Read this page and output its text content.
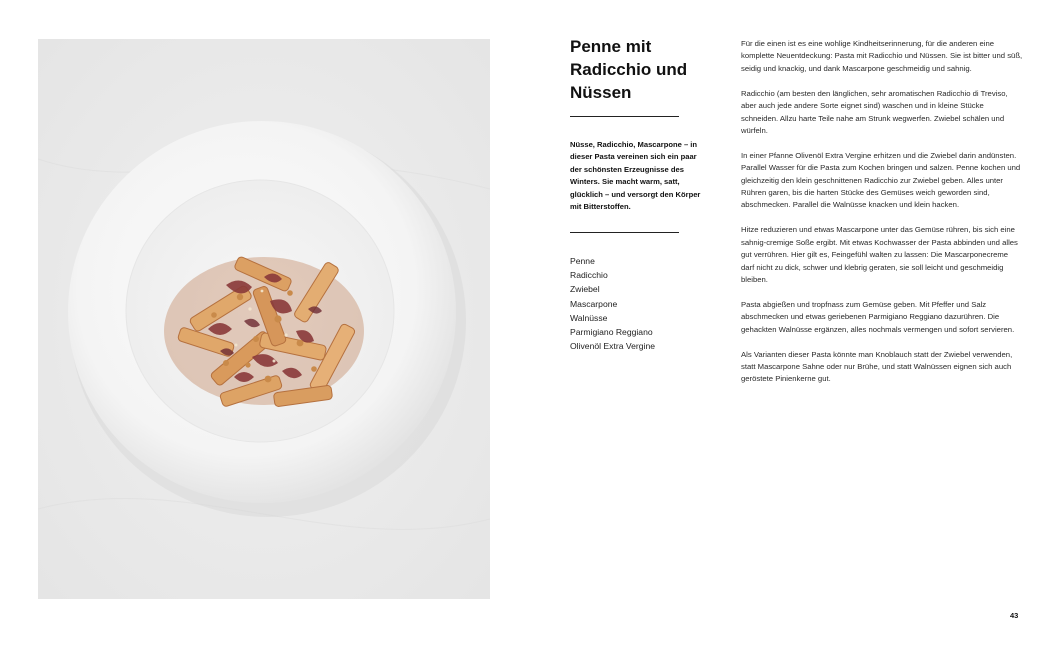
Penne mit Radicchio und Nüssen

Nüsse, Radicchio, Mascarpone – in dieser Pasta vereinen sich ein paar der schönsten Erzeugnisse des Winters. Sie macht warm, satt, glücklich – und versorgt den Körper mit Bitterstoffen.

Penne
Radicchio
Zwiebel
Mascarpone
Walnüsse
Parmigiano Reggiano
Olivenöl Extra Vergine

Für die einen ist es eine wohlige Kindheitserinnerung, für die anderen eine komplette Neuentdeckung: Pasta mit Radicchio und Nüssen. Sie ist bitter und süß, seidig und knackig, und dank Mascarpone geschmeidig und sahnig.

Radicchio (am besten den länglichen, sehr aromatischen Radicchio di Treviso, aber auch jede andere Sorte eignet sind) waschen und in kleine Stücke schneiden. Allzu harte Teile nahe am Strunk wegwerfen. Zwiebel schälen und würfeln.

In einer Pfanne Olivenöl Extra Vergine erhitzen und die Zwiebel darin andünsten. Parallel Wasser für die Pasta zum Kochen bringen und salzen. Penne kochen und gleichzeitig den klein geschnittenen Radicchio zur Zwiebel geben. Alles unter Rühren garen, bis die harten Stücke des Gemüses weich geworden sind, abschmecken. Parallel die Walnüsse knacken und klein hacken.

Hitze reduzieren und etwas Mascarpone unter das Gemüse rühren, bis sich eine sahnig-cremige Soße ergibt. Mit etwas Kochwasser der Pasta abbinden und alles gut verrühren. Hier gilt es, Feingefühl walten zu lassen: Die Mascarponecreme darf nicht zu dick, schwer und klebrig geraten, sie soll leicht und geschmeidig bleiben.

Pasta abgießen und tropfnass zum Gemüse geben. Mit Pfeffer und Salz abschmecken und etwas geriebenen Parmigiano Reggiano dazurühren. Die gehackten Walnüsse ergänzen, alles nochmals vermengen und sofort servieren.

Als Varianten dieser Pasta könnte man Knoblauch statt der Zwiebel verwenden, statt Mascarpone Sahne oder nur Brühe, und statt Walnüssen eignen sich auch geröstete Pinienkerne gut.

43
